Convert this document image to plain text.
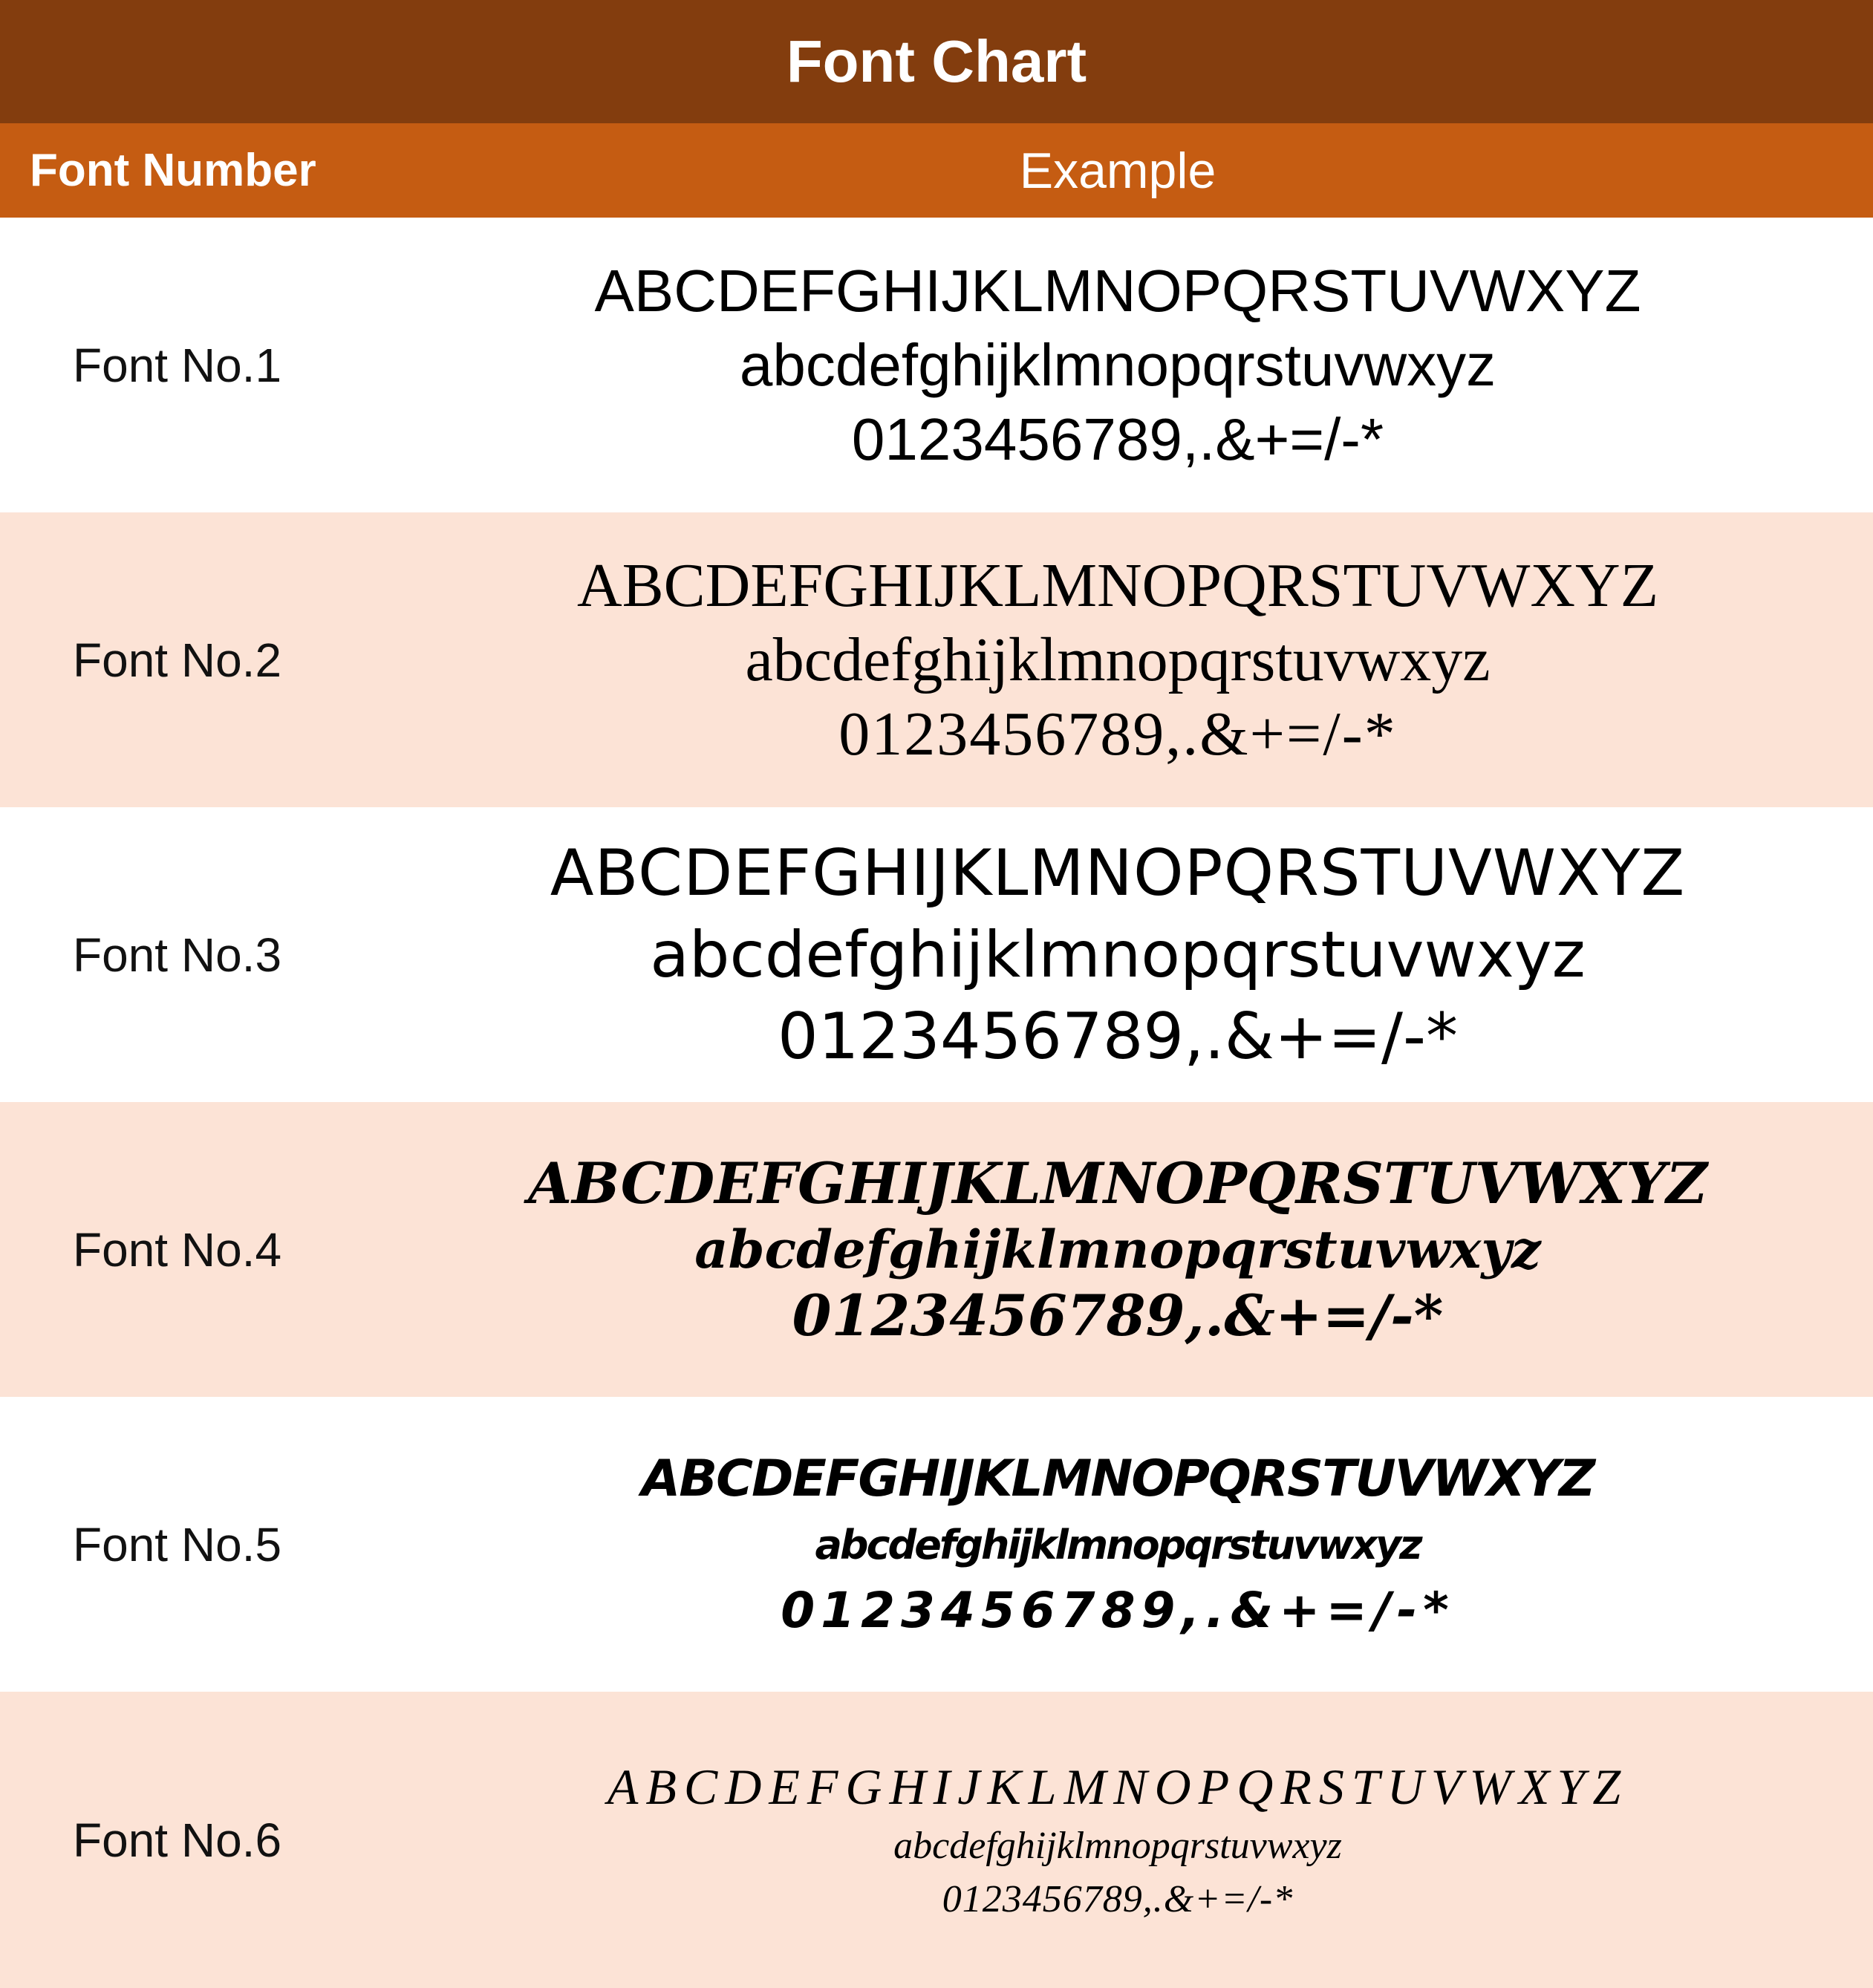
Font Chart
Font Number	Example
Font No.1
ABCDEFGHIJKLMNOPQRSTUVWXYZ
abcdefghijklmnopqrstuvwxyz
0123456789,.&+=/-*
Font No.2
ABCDEFGHIJKLMNOPQRSTUVWXYZ
abcdefghijklmnopqrstuvwxyz
0123456789,.&+=/-*
Font No.3
ABCDEFGHIJKLMNOPQRSTUVWXYZ
abcdefghijklmnopqrstuvwxyz
0123456789,.&+=/-*
Font No.4
ABCDEFGHIJKLMNOPQRSTUVWXYZ
abcdefghijklmnopqrstuvwxyz
0123456789,.&+=/-*
Font No.5
ABCDEFGHIJKLMNOPQRSTUVWXYZ
abcdefghijklmnopqrstuvwxyz
0123456789,.&+=/-*
Font No.6
ABCDEFGHIJKLMNOPQRSTUVWXYZ
abcdefghijklmnopqrstuvwxyz
0123456789,.&+=/-*
